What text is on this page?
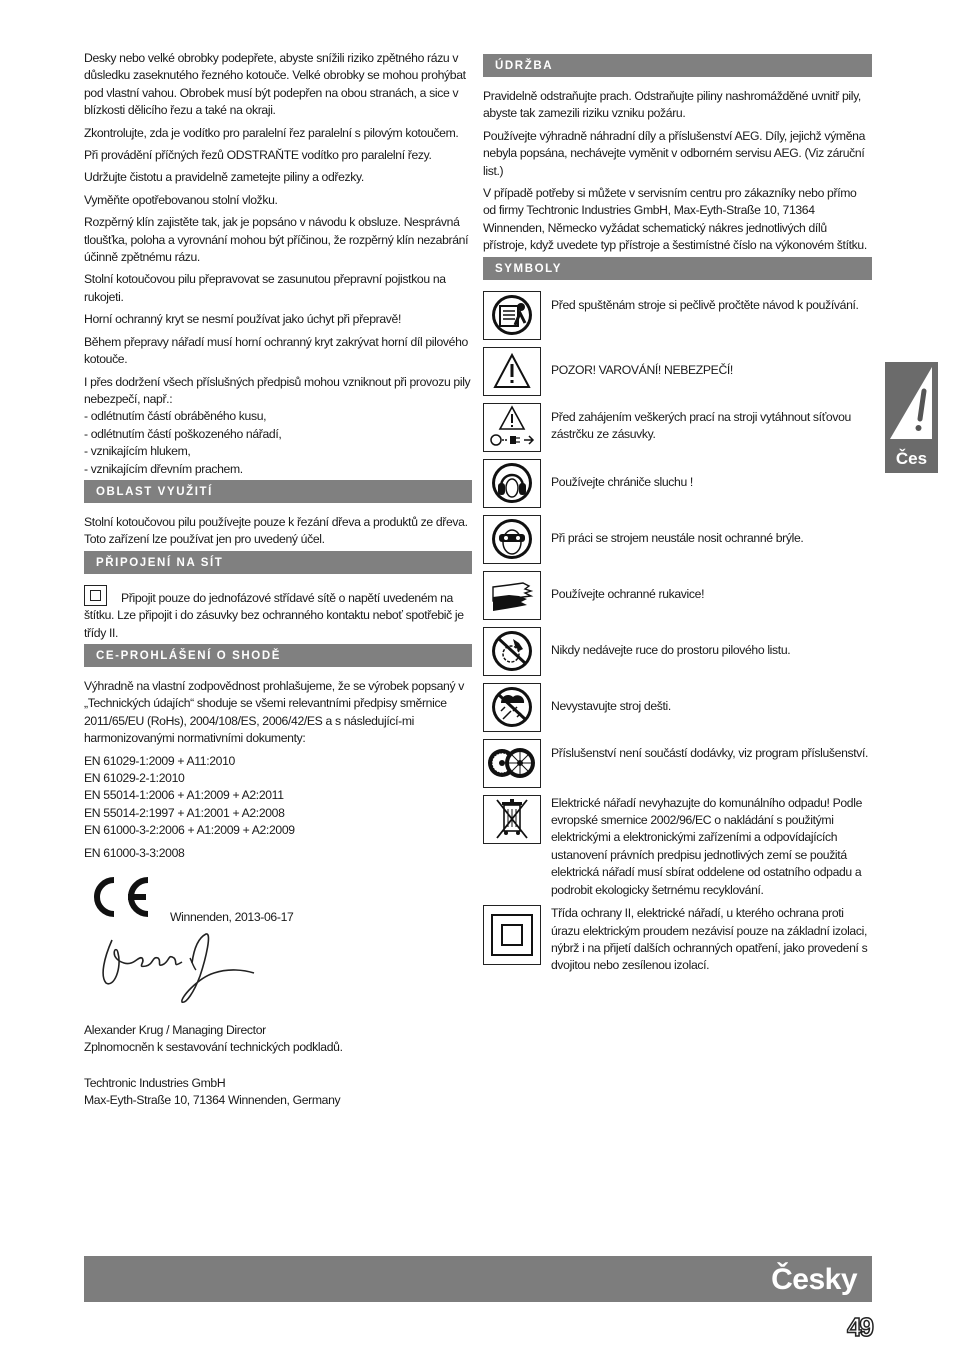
Desky nebo velké obrobky podepřete, abyste snížili riziko zpětného rázu v důsledku zaseknutého řezného kotouče. Velké obrobky se mohou prohýbat pod vlastní vahou. Obrobek musí být podepřen na obou stranách, a sice v blízkosti dělicího řezu a také na okraji.

Zkontrolujte, zda je vodítko pro paralelní řez paralelní s pilovým kotoučem.

Při provádění příčných řezů ODSTRAŇTE vodítko pro paralelní řezy.

Udržujte čistotu a pravidelně zametejte piliny a odřezky.

Vyměňte opotřebovanou stolní vložku.

Rozpěrný klín zajistěte tak, jak je popsáno v návodu k obsluze. Nesprávná tloušťka, poloha a vyrovnání mohou být příčinou, že rozpěrný klín nezabrání účinně zpětnému rázu.

Stolní kotoučovou pilu přepravovat se zasunutou přepravní pojistkou na rukojeti.

Horní ochranný kryt se nesmí používat jako úchyt při přepravě!

Během přepravy nářadí musí horní ochranný kryt zakrývat horní díl pilového kotouče.

I přes dodržení všech příslušných předpisů mohou vzniknout při provozu pily nebezpečí, např.:
- odlétnutím částí obráběného kusu,
- odlétnutím částí poškozeného nářadí,
- vznikajícím hlukem,
- vznikajícím dřevním prachem.

OBLAST VYUŽITÍ

Stolní kotoučovou pilu používejte pouze k řezání dřeva a produktů ze dřeva.
Toto zařízení lze používat jen pro uvedený účel.

PŘIPOJENÍ NA SÍT

Připojit pouze do jednofázové střídavé sítě o napětí uvedeném na štítku. Lze připojit i do zásuvky bez ochranného kontaktu neboť spotřebič je třídy II.

CE-PROHLÁŠENÍ O SHODĚ

Výhradně na vlastní zodpovědnost prohlašujeme, že se výrobek popsaný v „Technických údajích“ shoduje se všemi relevantními předpisy směrnice 2011/65/EU (RoHs), 2004/108/ES, 2006/42/ES a s následující-mi harmonizovanými normativními dokumenty:

EN 61029-1:2009 + A11:2010
EN 61029-2-1:2010
EN 55014-1:2006 + A1:2009 + A2:2011
EN 55014-2:1997 + A1:2001 + A2:2008
EN 61000-3-2:2006 + A1:2009 + A2:2009

EN 61000-3-3:2008

Winnenden, 2013-06-17

Alexander Krug / Managing Director
Zplnomocněn k sestavování technických podkladů.

Techtronic Industries GmbH
Max-Eyth-Straße 10, 71364 Winnenden, Germany

ÚDRŽBA

Pravidelně odstraňujte prach. Odstraňujte piliny nashromážděné uvnitř pily, abyste tak zamezili riziku vzniku požáru.

Používejte výhradně náhradní díly a příslušenství AEG. Díly, jejichž výměna nebyla popsána, nechávejte vyměnit v odborném servisu AEG. (Viz záruční list.)

V případě potřeby si můžete v servisním centru pro zákazníky nebo přímo od firmy Techtronic Industries GmbH, Max-Eyth-Straße 10, 71364 Winnenden, Německo vyžádat schematický nákres jednotlivých dílů přístroje, když uvedete typ přístroje a šestimístné číslo na výkonovém štítku.

SYMBOLY
Před spuštěnám stroje si pečlivě pročtěte návod k používání.
POZOR! VAROVÁNÍ! NEBEZPEČÍ!
Před zahájením veškerých prací na stroji vytáhnout síťovou zástrčku ze zásuvky.
Používejte chrániče sluchu !
Při práci se strojem neustále nosit ochranné brýle.
Používejte ochranné rukavice!
Nikdy nedávejte ruce do prostoru pilového listu.
Nevystavujte stroj dešti.
Příslušenství není součástí dodávky, viz program příslušenství.
Elektrické nářadí nevyhazujte do komunálního odpadu! Podle evropské smernice 2002/96/EC o nakládání s použitými elektrickými a elektronickými zařízeními a odpovídajících ustanovení právních predpisu jednotlivých zemí se použitá elektrická nářadí musí sbírat oddelene od ostatního odpadu a podrobit ekologicky šetrnému recyklování.
Třída ochrany II, elektrické nářadí, u kterého ochrana proti úrazu elektrickým proudem nezávisí pouze na základní izolaci, nýbrž i na přijetí dalších ochranných opatření, jako provedení s dvojitou nebo zesílenou izolací.
Čes
Česky
49
